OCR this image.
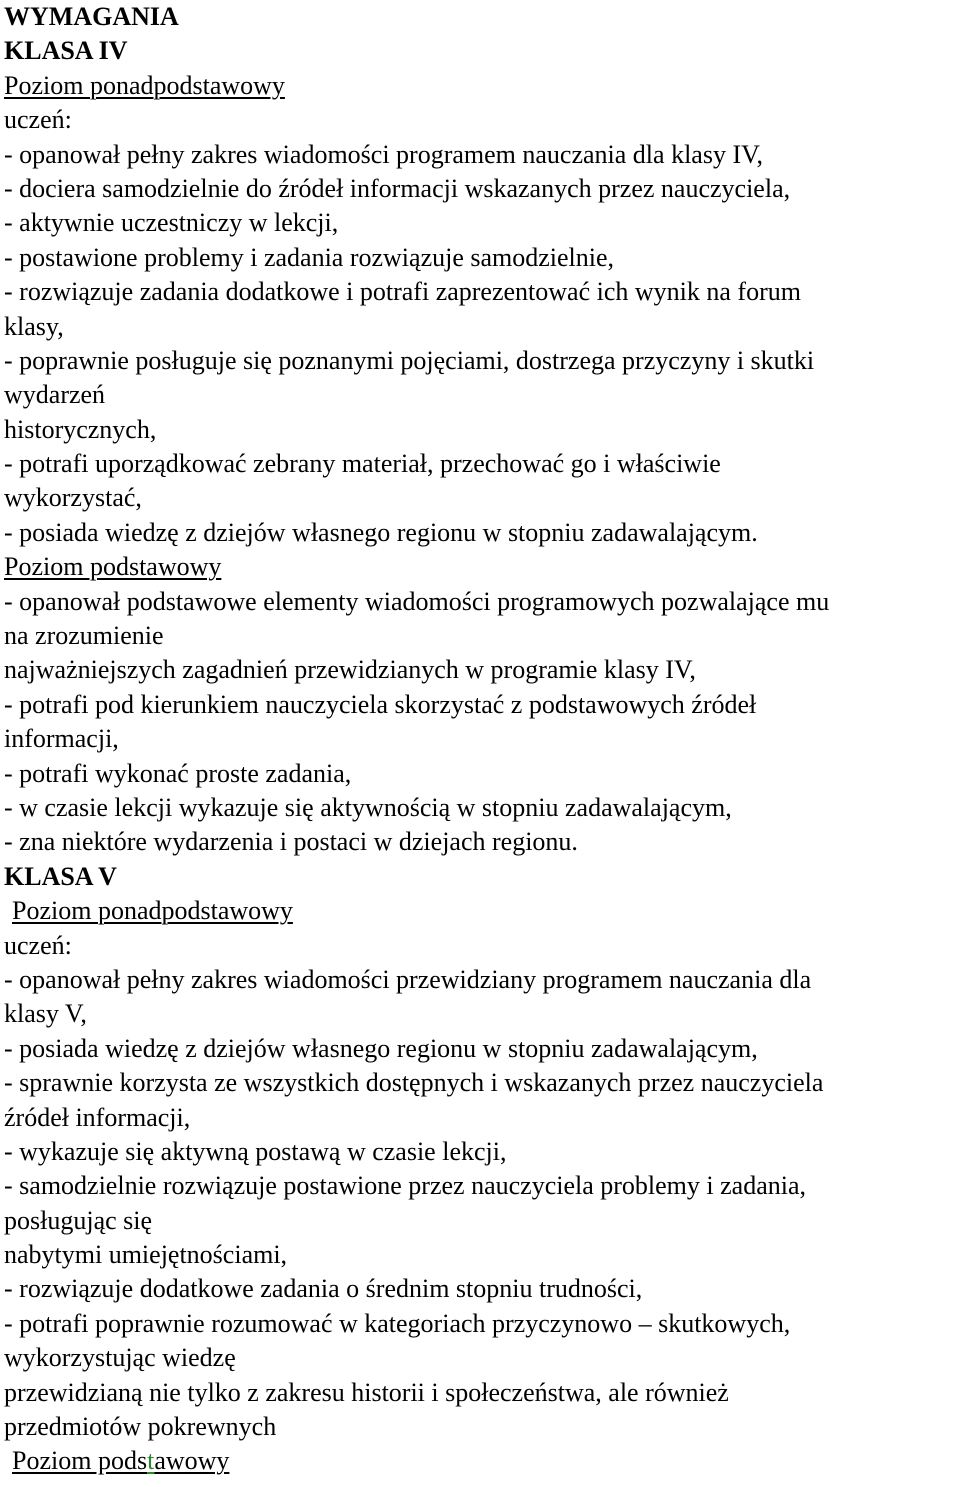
WYMAGANIA
KLASA IV
Poziom ponadpodstawowy
uczeń:
- opanował pełny zakres wiadomości programem nauczania dla klasy IV,
- dociera samodzielnie do źródeł informacji wskazanych przez nauczyciela,
- aktywnie uczestniczy w lekcji,
- postawione problemy i zadania rozwiązuje samodzielnie,
- rozwiązuje zadania dodatkowe i potrafi zaprezentować ich wynik na forum
klasy,
- poprawnie posługuje się poznanymi pojęciami, dostrzega przyczyny i skutki
wydarzeń
historycznych,
- potrafi uporządkować zebrany materiał, przechować go i właściwie
wykorzystać,
- posiada wiedzę z dziejów własnego regionu w stopniu zadawalającym.
Poziom podstawowy
- opanował podstawowe elementy wiadomości programowych pozwalające mu
na zrozumienie
najważniejszych zagadnień przewidzianych w programie klasy IV,
- potrafi pod kierunkiem nauczyciela skorzystać z podstawowych źródeł
informacji,
- potrafi wykonać proste zadania,
- w czasie lekcji wykazuje się aktywnością w stopniu zadawalającym,
- zna niektóre wydarzenia i postaci w dziejach regionu.
KLASA V
Poziom ponadpodstawowy
uczeń:
- opanował pełny zakres wiadomości przewidziany programem nauczania dla
klasy V,
- posiada wiedzę z dziejów własnego regionu w stopniu zadawalającym,
- sprawnie korzysta ze wszystkich dostępnych i wskazanych przez nauczyciela
źródeł informacji,
- wykazuje się aktywną postawą w czasie lekcji,
- samodzielnie rozwiązuje postawione przez nauczyciela problemy i zadania,
posługując się
nabytymi umiejętnościami,
- rozwiązuje dodatkowe zadania o średnim stopniu trudności,
- potrafi poprawnie rozumować w kategoriach przyczynowo – skutkowych,
wykorzystując wiedzę
przewidzianą nie tylko z zakresu historii i społeczeństwa, ale również
przedmiotów pokrewnych
Poziom podstawowy
